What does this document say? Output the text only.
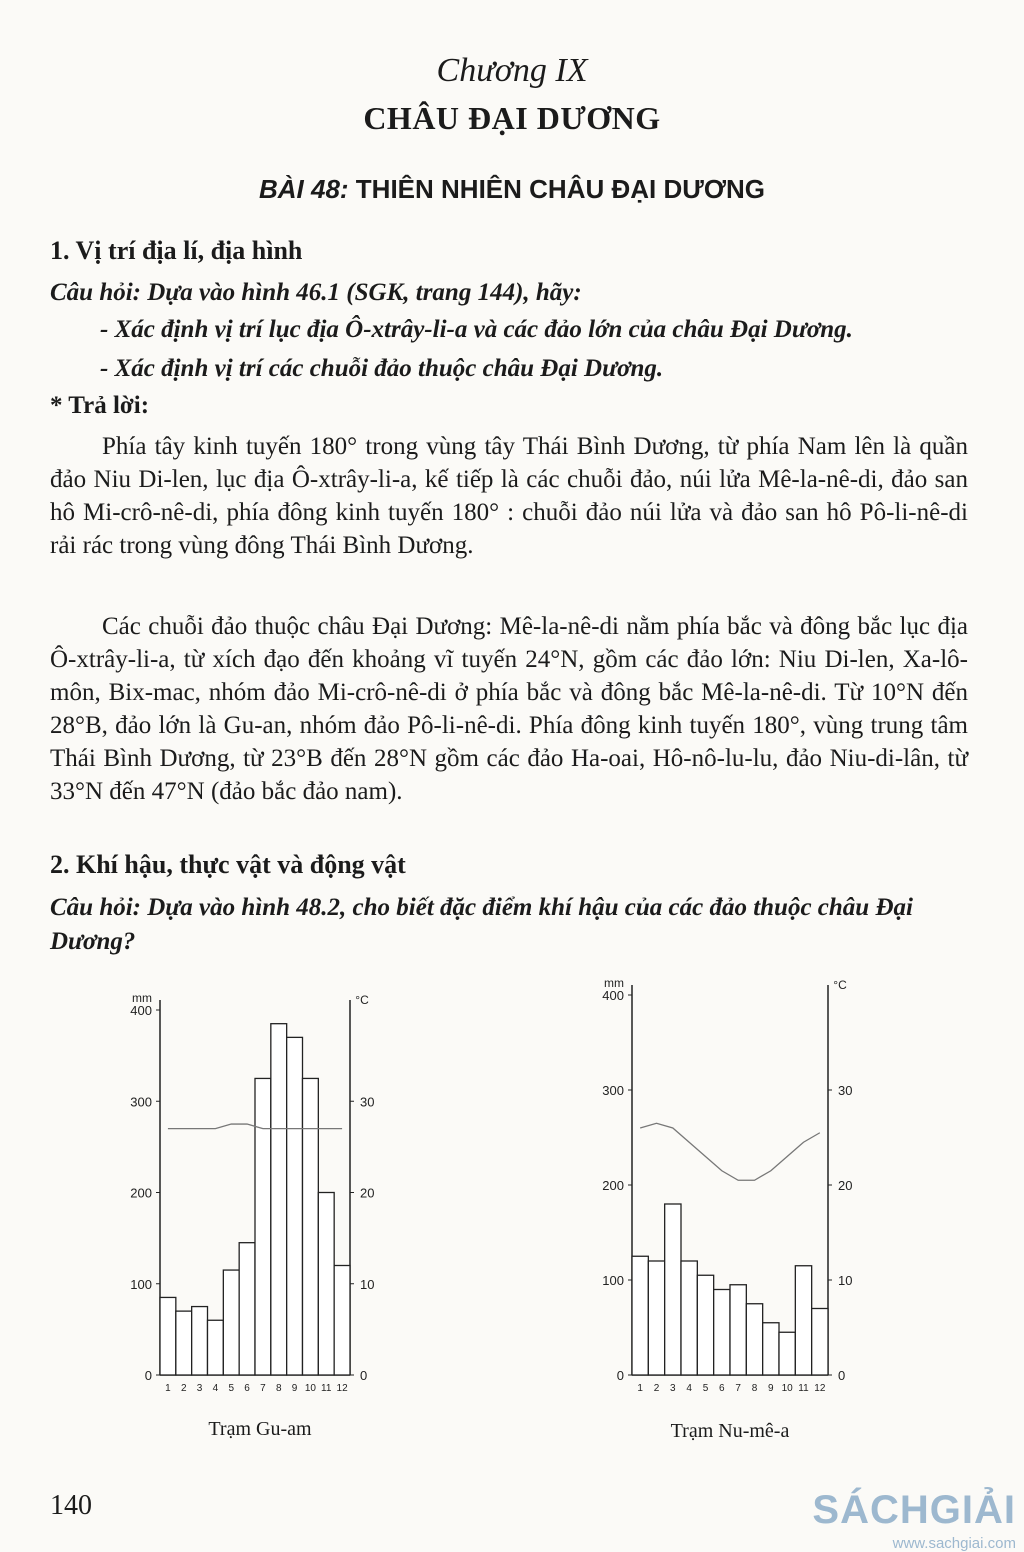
Chương IX
CHÂU ĐẠI DƯƠNG
BÀI 48: THIÊN NHIÊN CHÂU ĐẠI DƯƠNG
1. Vị trí địa lí, địa hình
Câu hỏi: Dựa vào hình 46.1 (SGK, trang 144), hãy:
- Xác định vị trí lục địa Ô-xtrây-li-a và các đảo lớn của châu Đại Dương.
- Xác định vị trí các chuỗi đảo thuộc châu Đại Dương.
* Trả lời:
Phía tây kinh tuyến 180° trong vùng tây Thái Bình Dương, từ phía Nam lên là quần đảo Niu Di-len, lục địa Ô-xtrây-li-a, kế tiếp là các chuỗi đảo, núi lửa Mê-la-nê-di, đảo san hô Mi-crô-nê-di, phía đông kinh tuyến 180° : chuỗi đảo núi lửa và đảo san hô Pô-li-nê-di rải rác trong vùng đông Thái Bình Dương.
Các chuỗi đảo thuộc châu Đại Dương: Mê-la-nê-di nằm phía bắc và đông bắc lục địa Ô-xtrây-li-a, từ xích đạo đến khoảng vĩ tuyến 24°N, gồm các đảo lớn: Niu Di-len, Xa-lô-môn, Bix-mac, nhóm đảo Mi-crô-nê-di ở phía bắc và đông bắc Mê-la-nê-di. Từ 10°N đến 28°B, đảo lớn là Gu-an, nhóm đảo Pô-li-nê-di. Phía đông kinh tuyến 180°, vùng trung tâm Thái Bình Dương, từ 23°B đến 28°N gồm các đảo Ha-oai, Hô-nô-lu-lu, đảo Niu-di-lân, từ 33°N đến 47°N (đảo bắc đảo nam).
2. Khí hậu, thực vật và động vật
Câu hỏi: Dựa vào hình 48.2, cho biết đặc điểm khí hậu của các đảo thuộc châu Đại Dương?
mm	°C
0
100
200
300
400
0
10
20
30
1 2 3 4 5 6 7 8 9 10 11 12
Trạm Gu-am
mm	°C
0
100
200
300
400
0
10
20
30
1 2 3 4 5 6 7 8 9 10 11 12
Trạm Nu-mê-a
140	SÁCHGIẢI
www.sachgiai.com
